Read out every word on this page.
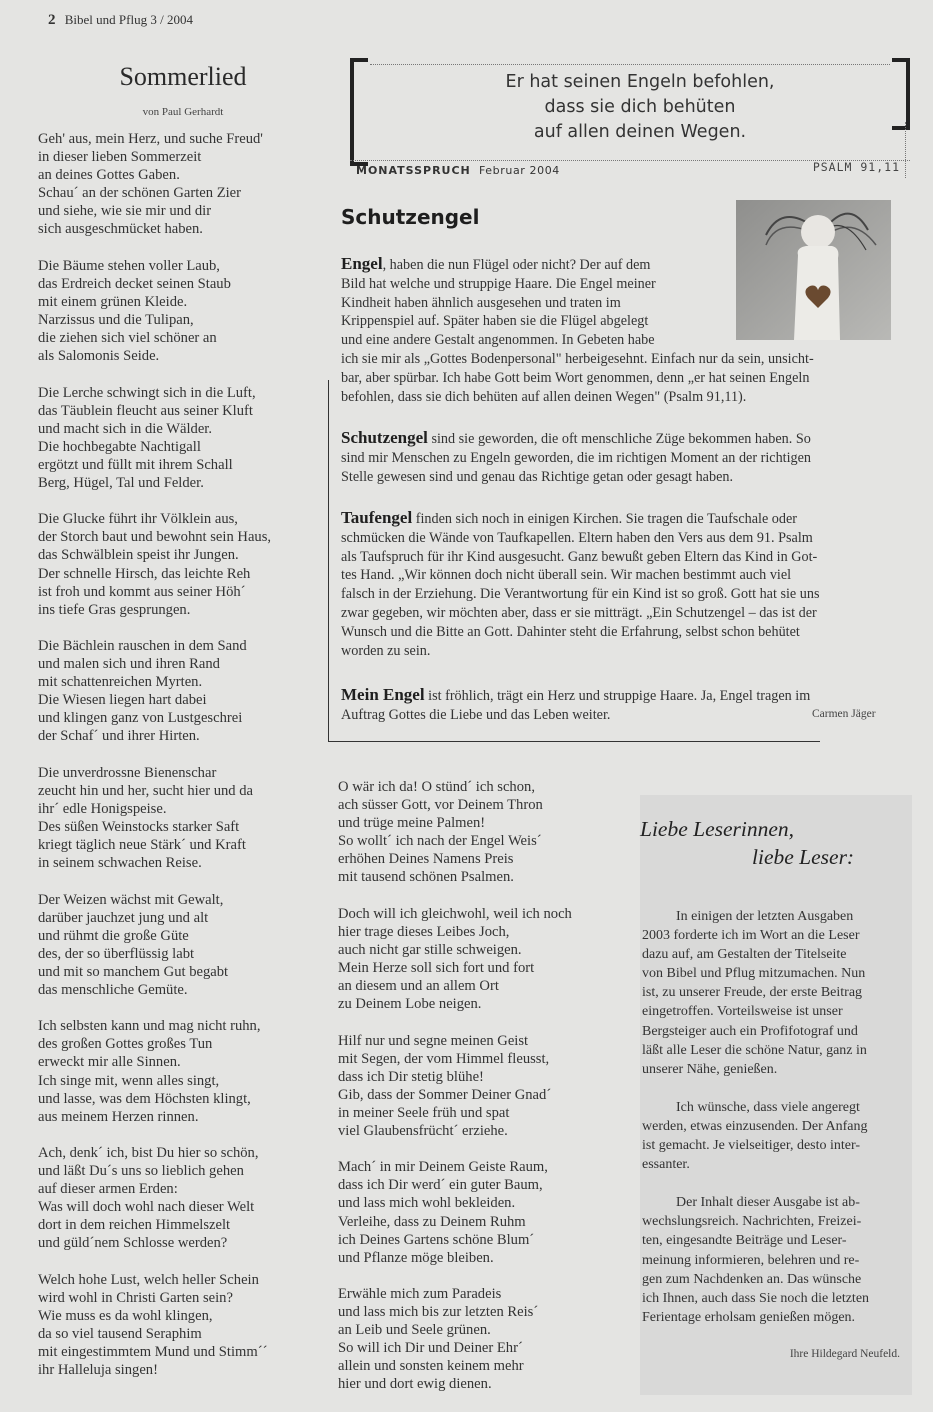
2 Bibel und Pflug 3 / 2004
Sommerlied
von Paul Gerhardt
Geh' aus, mein Herz, und suche Freud'
in dieser lieben Sommerzeit
an deines Gottes Gaben.
Schau´ an der schönen Garten Zier
und siehe, wie sie mir und dir
sich ausgeschmücket haben.
Die Bäume stehen voller Laub,
das Erdreich decket seinen Staub
mit einem grünen Kleide.
Narzissus und die Tulipan,
die ziehen sich viel schöner an
als Salomonis Seide.
Die Lerche schwingt sich in die Luft,
das Täublein fleucht aus seiner Kluft
und macht sich in die Wälder.
Die hochbegabte Nachtigall
ergötzt und füllt mit ihrem Schall
Berg, Hügel, Tal und Felder.
Die Glucke führt ihr Völklein aus,
der Storch baut und bewohnt sein Haus,
das Schwälblein speist ihr Jungen.
Der schnelle Hirsch, das leichte Reh
ist froh und kommt aus seiner Höh´
ins tiefe Gras gesprungen.
Die Bächlein rauschen in dem Sand
und malen sich und ihren Rand
mit schattenreichen Myrten.
Die Wiesen liegen hart dabei
und klingen ganz von Lustgeschrei
der Schaf´ und ihrer Hirten.
Die unverdrossne Bienenschar
zeucht hin und her, sucht hier und da
ihr´ edle Honigspeise.
Des süßen Weinstocks starker Saft
kriegt täglich neue Stärk´ und Kraft
in seinem schwachen Reise.
Der Weizen wächst mit Gewalt,
darüber jauchzet jung und alt
und rühmt die große Güte
des, der so überflüssig labt
und mit so manchem Gut begabt
das menschliche Gemüte.
Ich selbsten kann und mag nicht ruhn,
des großen Gottes großes Tun
erweckt mir alle Sinnen.
Ich singe mit, wenn alles singt,
und lasse, was dem Höchsten klingt,
aus meinem Herzen rinnen.
Ach, denk´ ich, bist Du hier so schön,
und läßt Du´s uns so lieblich gehen
auf dieser armen Erden:
Was will doch wohl nach dieser Welt
dort in dem reichen Himmelszelt
und güld´nem Schlosse werden?
Welch hohe Lust, welch heller Schein
wird wohl in Christi Garten sein?
Wie muss es da wohl klingen,
da so viel tausend Seraphim
mit eingestimmtem Mund und Stimm´´
ihr Halleluja singen!
O wär ich da! O stünd´ ich schon,
ach süsser Gott, vor Deinem Thron
und trüge meine Palmen!
So wollt´ ich nach der Engel Weis´
erhöhen Deines Namens Preis
mit tausend schönen Psalmen.
Doch will ich gleichwohl, weil ich noch
hier trage dieses Leibes Joch,
auch nicht gar stille schweigen.
Mein Herze soll sich fort und fort
an diesem und an allem Ort
zu Deinem Lobe neigen.
Hilf nur und segne meinen Geist
mit Segen, der vom Himmel fleusst,
dass ich Dir stetig blühe!
Gib, dass der Sommer Deiner Gnad´
in meiner Seele früh und spat
viel Glaubensfrücht´ erziehe.
Mach´ in mir Deinem Geiste Raum,
dass ich Dir werd´ ein guter Baum,
und lass mich wohl bekleiden.
Verleihe, dass zu Deinem Ruhm
ich Deines Gartens schöne Blum´
und Pflanze möge bleiben.
Erwähle mich zum Paradeis
und lass mich bis zur letzten Reis´
an Leib und Seele grünen.
So will ich Dir und Deiner Ehr´
allein und sonsten keinem mehr
hier und dort ewig dienen.
Er hat seinen Engeln befohlen,
dass sie dich behüten
auf allen deinen Wegen.
MONATSSPRUCH Februar 2004	PSALM 91,11
Schutzengel
Engel, haben die nun Flügel oder nicht? Der auf dem
Bild hat welche und struppige Haare. Die Engel meiner
Kindheit haben ähnlich ausgesehen und traten im
Krippenspiel auf. Später haben sie die Flügel abgelegt
und eine andere Gestalt angenommen. In Gebeten habe
ich sie mir als „Gottes Bodenpersonal" herbeigesehnt. Einfach nur da sein, unsicht-
bar, aber spürbar. Ich habe Gott beim Wort genommen, denn „er hat seinen Engeln
befohlen, dass sie dich behüten auf allen deinen Wegen" (Psalm 91,11).
Schutzengel sind sie geworden, die oft menschliche Züge bekommen haben. So
sind mir Menschen zu Engeln geworden, die im richtigen Moment an der richtigen
Stelle gewesen sind und genau das Richtige getan oder gesagt haben.
Taufengel finden sich noch in einigen Kirchen. Sie tragen die Taufschale oder
schmücken die Wände von Taufkapellen. Eltern haben den Vers aus dem 91. Psalm
als Taufspruch für ihr Kind ausgesucht. Ganz bewußt geben Eltern das Kind in Got-
tes Hand. „Wir können doch nicht überall sein. Wir machen bestimmt auch viel
falsch in der Erziehung. Die Verantwortung für ein Kind ist so groß. Gott hat sie uns
zwar gegeben, wir möchten aber, dass er sie mitträgt. „Ein Schutzengel – das ist der
Wunsch und die Bitte an Gott. Dahinter steht die Erfahrung, selbst schon behütet
worden zu sein.
Mein Engel ist fröhlich, trägt ein Herz und struppige Haare. Ja, Engel tragen im
Auftrag Gottes die Liebe und das Leben weiter.	Carmen Jäger
Liebe Leserinnen,
liebe Leser:
In einigen der letzten Ausgaben
2003 forderte ich im Wort an die Leser
dazu auf, am Gestalten der Titelseite
von Bibel und Pflug mitzumachen. Nun
ist, zu unserer Freude, der erste Beitrag
eingetroffen. Vorteilsweise ist unser
Bergsteiger auch ein Profifotograf und
läßt alle Leser die schöne Natur, ganz in
unserer Nähe, genießen.
Ich wünsche, dass viele angeregt
werden, etwas einzusenden. Der Anfang
ist gemacht. Je vielseitiger, desto inter-
essanter.
Der Inhalt dieser Ausgabe ist ab-
wechslungsreich. Nachrichten, Freizei-
ten, eingesandte Beiträge und Leser-
meinung informieren, belehren und re-
gen zum Nachdenken an. Das wünsche
ich Ihnen, auch dass Sie noch die letzten
Ferientage erholsam genießen mögen.
Ihre Hildegard Neufeld.
